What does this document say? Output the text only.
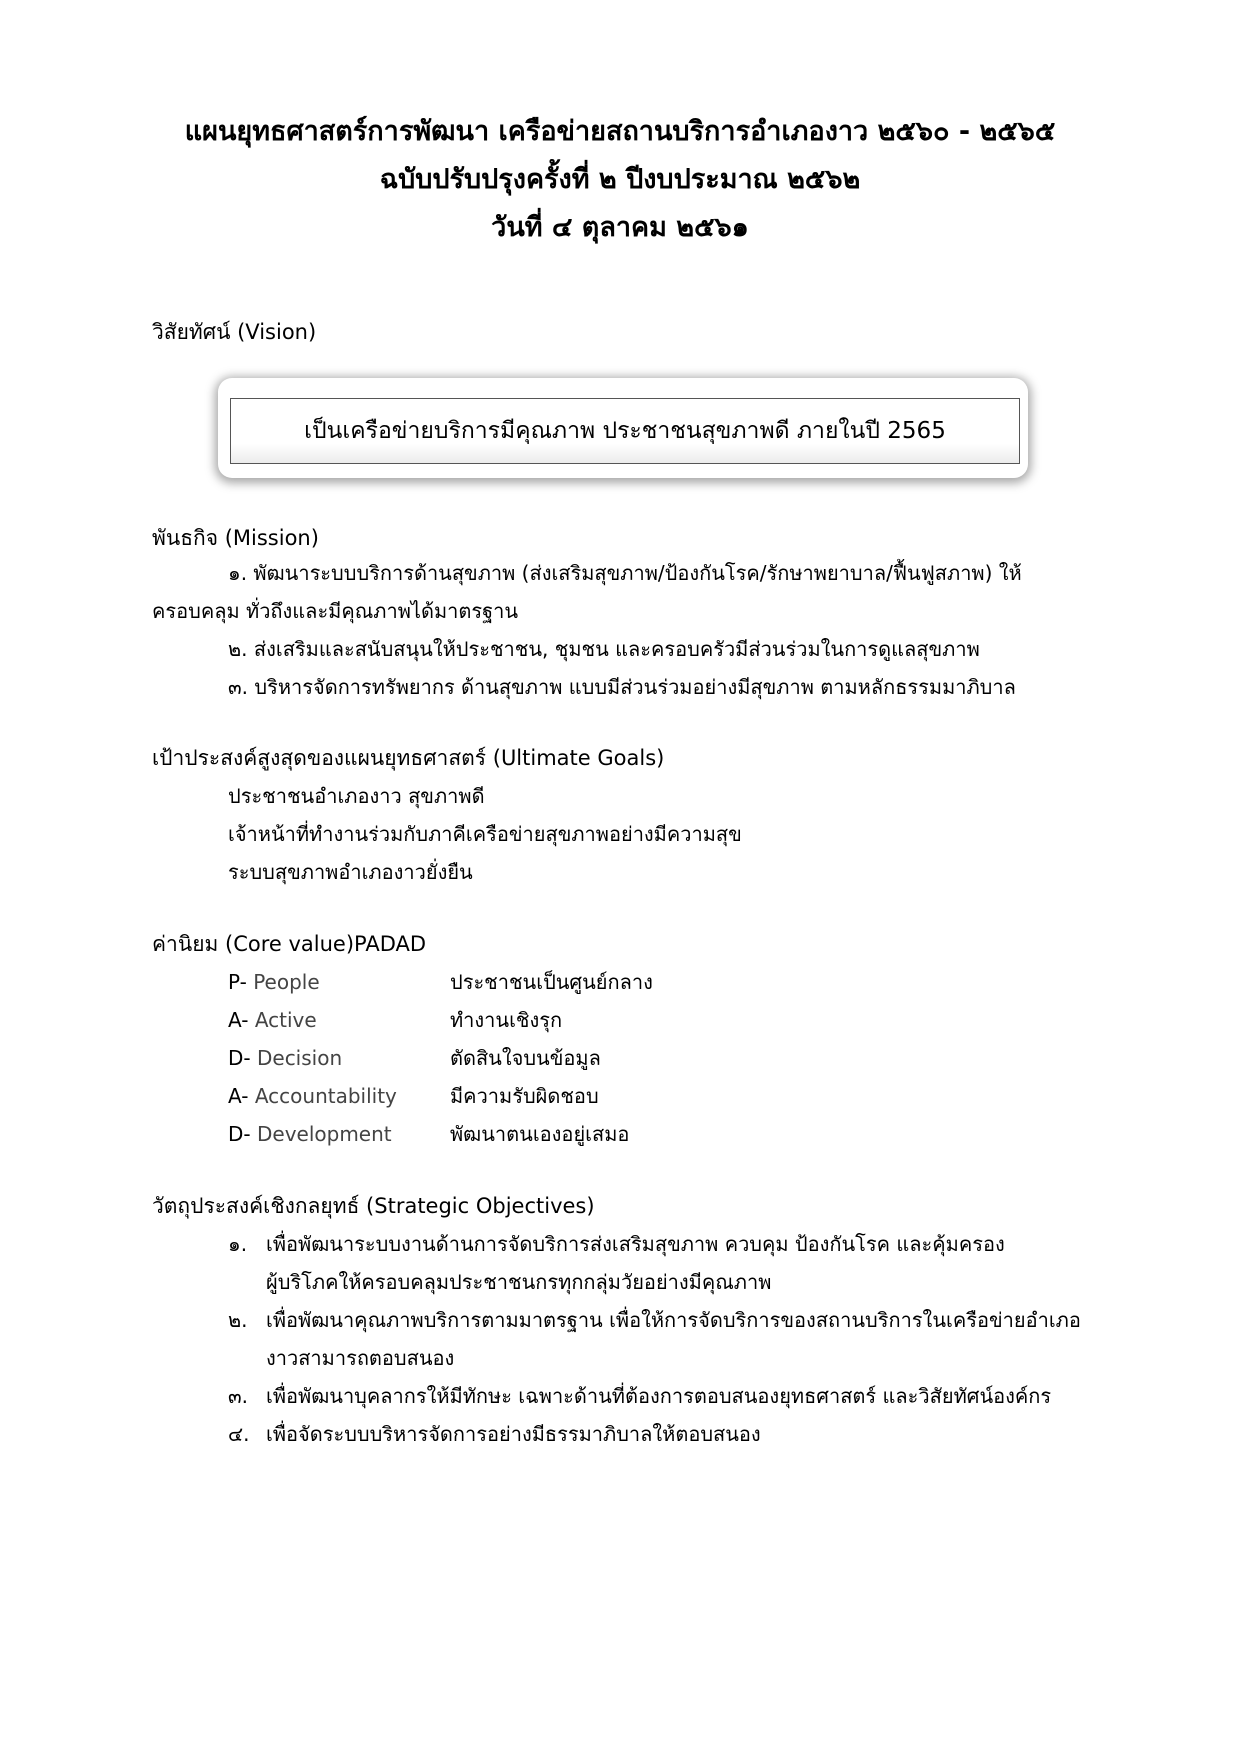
แผนยุทธศาสตร์การพัฒนา เครือข่ายสถานบริการอำเภองาว ๒๕๖๐ - ๒๕๖๕
ฉบับปรับปรุงครั้งที่ ๒ ปีงบประมาณ ๒๕๖๒
วันที่ ๔ ตุลาคม ๒๕๖๑
วิสัยทัศน์ (Vision)
เป็นเครือข่ายบริการมีคุณภาพ ประชาชนสุขภาพดี ภายในปี 2565
พันธกิจ (Mission)
๑. พัฒนาระบบบริการด้านสุขภาพ (ส่งเสริมสุขภาพ/ป้องกันโรค/รักษาพยาบาล/ฟื้นฟูสภาพ) ให้
ครอบคลุม ทั่วถึงและมีคุณภาพได้มาตรฐาน
๒. ส่งเสริมและสนับสนุนให้ประชาชน, ชุมชน และครอบครัวมีส่วนร่วมในการดูแลสุขภาพ
๓. บริหารจัดการทรัพยากร ด้านสุขภาพ แบบมีส่วนร่วมอย่างมีสุขภาพ ตามหลักธรรมมาภิบาล
เป้าประสงค์สูงสุดของแผนยุทธศาสตร์ (Ultimate Goals)
ประชาชนอำเภองาว สุขภาพดี
เจ้าหน้าที่ทำงานร่วมกับภาคีเครือข่ายสุขภาพอย่างมีความสุข
ระบบสุขภาพอำเภองาวยั่งยืน
ค่านิยม (Core value)PADAD
P- People	ประชาชนเป็นศูนย์กลาง
A- Active	ทำงานเชิงรุก
D- Decision	ตัดสินใจบนข้อมูล
A- Accountability	มีความรับผิดชอบ
D- Development	พัฒนาตนเองอยู่เสมอ
วัตถุประสงค์เชิงกลยุทธ์ (Strategic Objectives)
๑. เพื่อพัฒนาระบบงานด้านการจัดบริการส่งเสริมสุขภาพ ควบคุม ป้องกันโรค และคุ้มครอง
ผู้บริโภคให้ครอบคลุมประชาชนกรทุกกลุ่มวัยอย่างมีคุณภาพ
๒. เพื่อพัฒนาคุณภาพบริการตามมาตรฐาน เพื่อให้การจัดบริการของสถานบริการในเครือข่ายอำเภอ
งาวสามารถตอบสนอง
๓. เพื่อพัฒนาบุคลากรให้มีทักษะ เฉพาะด้านที่ต้องการตอบสนองยุทธศาสตร์ และวิสัยทัศน์องค์กร
๔. เพื่อจัดระบบบริหารจัดการอย่างมีธรรมาภิบาลให้ตอบสนอง
